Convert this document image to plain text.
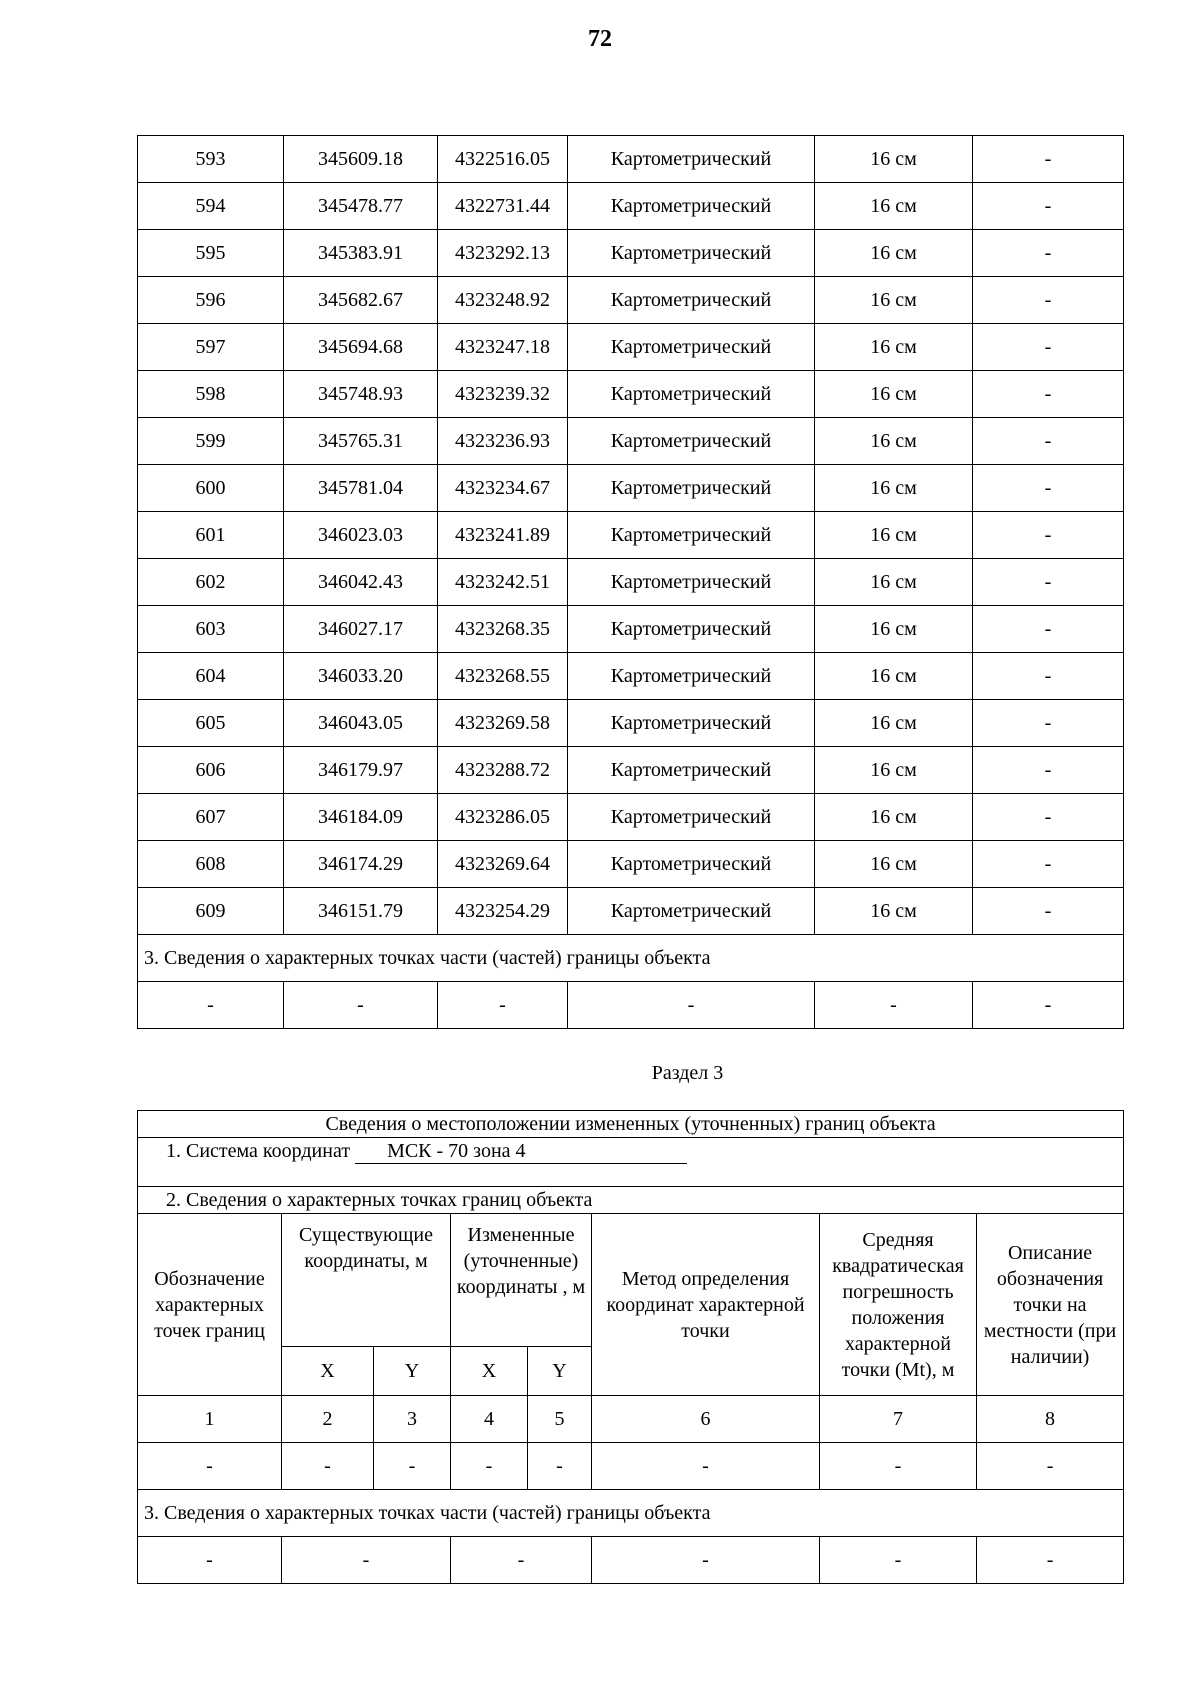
72
593	345609.18	4322516.05	Картометрический	16 см	-
594	345478.77	4322731.44	Картометрический	16 см	-
595	345383.91	4323292.13	Картометрический	16 см	-
596	345682.67	4323248.92	Картометрический	16 см	-
597	345694.68	4323247.18	Картометрический	16 см	-
598	345748.93	4323239.32	Картометрический	16 см	-
599	345765.31	4323236.93	Картометрический	16 см	-
600	345781.04	4323234.67	Картометрический	16 см	-
601	346023.03	4323241.89	Картометрический	16 см	-
602	346042.43	4323242.51	Картометрический	16 см	-
603	346027.17	4323268.35	Картометрический	16 см	-
604	346033.20	4323268.55	Картометрический	16 см	-
605	346043.05	4323269.58	Картометрический	16 см	-
606	346179.97	4323288.72	Картометрический	16 см	-
607	346184.09	4323286.05	Картометрический	16 см	-
608	346174.29	4323269.64	Картометрический	16 см	-
609	346151.79	4323254.29	Картометрический	16 см	-
3. Сведения о характерных точках части (частей) границы объекта					
-	-	-	-	-	-
Раздел 3
Сведения о местоположении измененных (уточненных) границ объекта							
1. Система координат МСК - 70 зона 4							
2. Сведения о характерных точках границ объекта							
Обозначение характерных точек границ	Существующие координаты, м		Измененные (уточненные) координаты , м		Метод определения координат характерной точки	Средняя квадратическая погрешность положения характерной точки (Mt), м	Описание обозначения точки на местности (при наличии)
	X	Y	X	Y			
1	2	3	4	5	6	7	8
-	-	-	-	-	-	-	-
3. Сведения о характерных точках части (частей) границы объекта							
-	-		-		-	-	-
